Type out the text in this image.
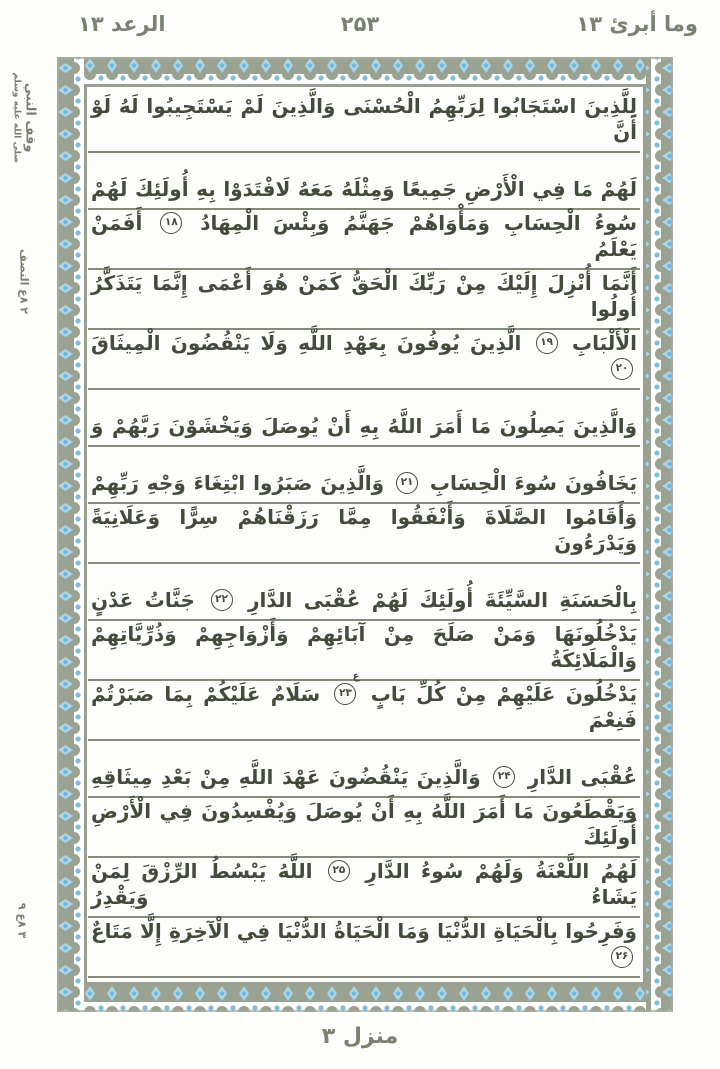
الرعد ۱۳	۲۵۳	وما أبرئ ۱۳
لِلَّذِينَ اسْتَجَابُوا لِرَبِّهِمُ الْحُسْنَى وَالَّذِينَ لَمْ يَسْتَجِيبُوا لَهُ لَوْ أَنَّ
لَهُمْ مَا فِي الْأَرْضِ جَمِيعًا وَمِثْلَهُ مَعَهُ لَافْتَدَوْا بِهِ أُولَئِكَ لَهُمْ
سُوءُ الْحِسَابِ وَمَأْوَاهُمْ جَهَنَّمُ وَبِئْسَ الْمِهَادُ ۱۸ أَفَمَنْ يَعْلَمُ
أَنَّمَا أُنْزِلَ إِلَيْكَ مِنْ رَبِّكَ الْحَقُّ كَمَنْ هُوَ أَعْمَى إِنَّمَا يَتَذَكَّرُ أُولُوا
الْأَلْبَابِ ۱۹ الَّذِينَ يُوفُونَ بِعَهْدِ اللَّهِ وَلَا يَنْقُضُونَ الْمِيثَاقَ ۲۰
وَالَّذِينَ يَصِلُونَ مَا أَمَرَ اللَّهُ بِهِ أَنْ يُوصَلَ وَيَخْشَوْنَ رَبَّهُمْ وَ
يَخَافُونَ سُوءَ الْحِسَابِ ۲۱ وَالَّذِينَ صَبَرُوا ابْتِغَاءَ وَجْهِ رَبِّهِمْ
وَأَقَامُوا الصَّلَاةَ وَأَنْفَقُوا مِمَّا رَزَقْنَاهُمْ سِرًّا وَعَلَانِيَةً وَيَدْرَءُونَ
بِالْحَسَنَةِ السَّيِّئَةَ أُولَئِكَ لَهُمْ عُقْبَى الدَّارِ ۲۲ جَنَّاتُ عَدْنٍ
يَدْخُلُونَهَا وَمَنْ صَلَحَ مِنْ آبَائِهِمْ وَأَزْوَاجِهِمْ وَذُرِّيَّاتِهِمْ وَالْمَلَائِكَةُ
يَدْخُلُونَ عَلَيْهِمْ مِنْ كُلِّ بَابٍ ۲۳
ع
سَلَامٌ عَلَيْكُمْ بِمَا صَبَرْتُمْ فَنِعْمَ
عُقْبَى الدَّارِ ۲۴ وَالَّذِينَ يَنْقُضُونَ عَهْدَ اللَّهِ مِنْ بَعْدِ مِيثَاقِهِ
وَيَقْطَعُونَ مَا أَمَرَ اللَّهُ بِهِ أَنْ يُوصَلَ وَيُفْسِدُونَ فِي الْأَرْضِ أُولَئِكَ
لَهُمُ اللَّعْنَةُ وَلَهُمْ سُوءُ الدَّارِ ۲۵ اللَّهُ يَبْسُطُ الرِّزْقَ لِمَنْ يَشَاءُ وَيَقْدِرُ
وَفَرِحُوا بِالْحَيَاةِ الدُّنْيَا وَمَا الْحَيَاةُ الدُّنْيَا فِي الْآخِرَةِ إِلَّا مَتَاعٌ ۲۶
وقف النبي
صلى الله عليه وسلم
۲ ۸ع النصف
۳ ۸ع ۹
منزل ۳
